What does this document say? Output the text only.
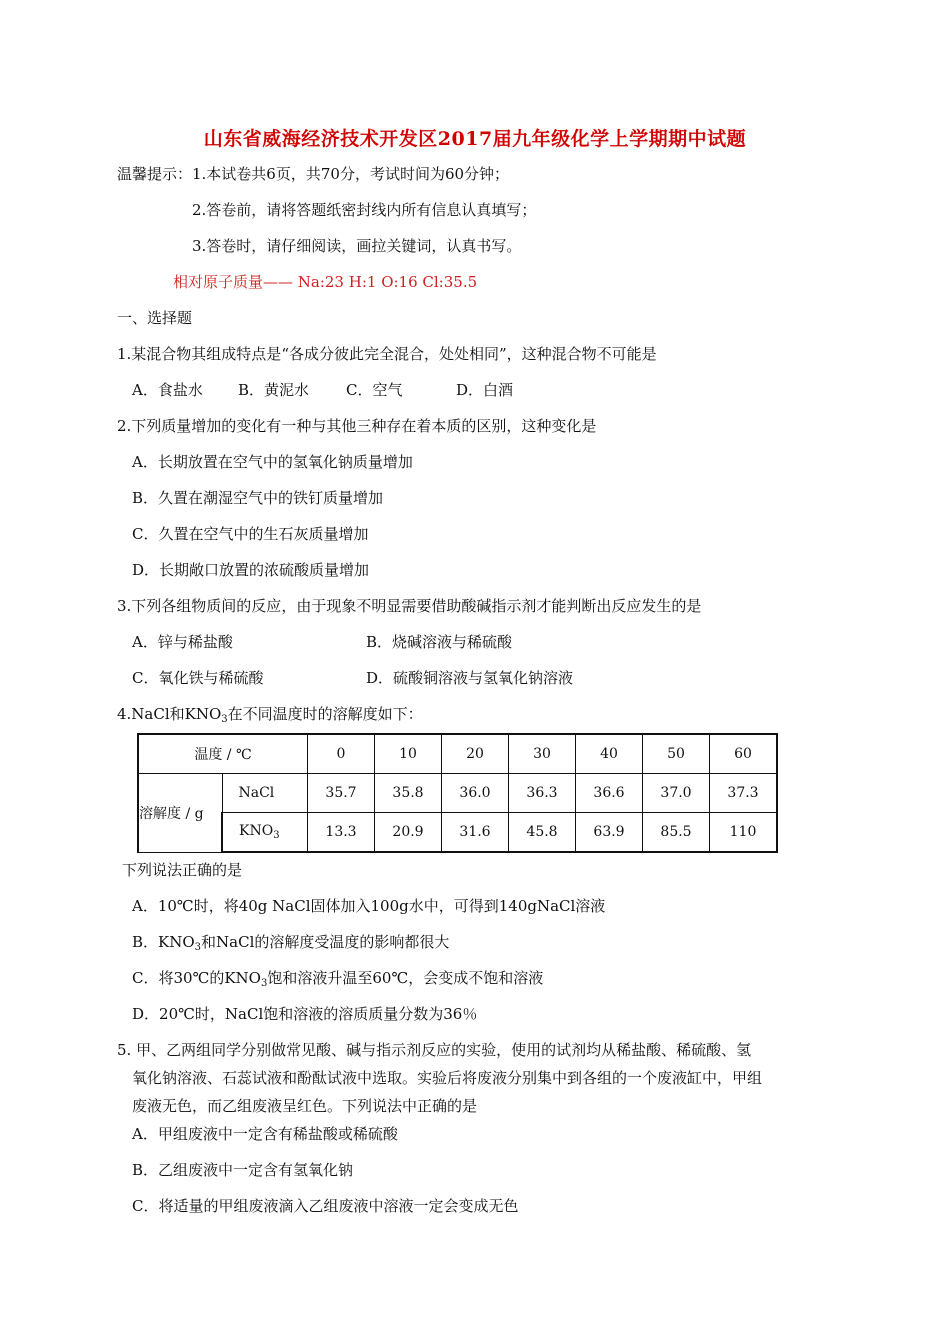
山东省威海经济技术开发区2017届九年级化学上学期期中试题
温馨提示：1.本试卷共6页，共70分，考试时间为60分钟；
2.答卷前，请将答题纸密封线内所有信息认真填写；
3.答卷时，请仔细阅读，画拉关键词，认真书写。
相对原子质量—— Na:23 H:1 O:16 Cl:35.5
一、选择题
1.某混合物其组成特点是“各成分彼此完全混合，处处相同”，这种混合物不可能是
A．食盐水 B．黄泥水 C．空气	D．白酒
2.下列质量增加的变化有一种与其他三种存在着本质的区别，这种变化是
A．长期放置在空气中的氢氧化钠质量增加
B．久置在潮湿空气中的铁钉质量增加
C．久置在空气中的生石灰质量增加
D．长期敞口放置的浓硫酸质量增加
3.下列各组物质间的反应，由于现象不明显需要借助酸碱指示剂才能判断出反应发生的是
A．锌与稀盐酸	B．烧碱溶液与稀硫酸
C．氧化铁与稀硫酸	D．硫酸铜溶液与氢氧化钠溶液
4.NaCl和$KNO_3$在不同温度时的溶解度如下：
温度 / ℃		0	10	20	30	40	50	60
溶解度 / g	NaCl	35.7	35.8	36.0	36.3	36.6	37.0	37.3
	$KNO_3$	13.3	20.9	31.6	45.8	63.9	85.5	110
下列说法正确的是
A．10℃时，将40g NaCl固体加入100g水中，可得到140gNaCl溶液
B．$KNO_3$和NaCl的溶解度受温度的影响都很大
C．将30℃的$KNO_3$饱和溶液升温至60℃，会变成不饱和溶液
D．20℃时，NaCl饱和溶液的溶质质量分数为36％
5. 甲、乙两组同学分别做常见酸、碱与指示剂反应的实验，使用的试剂均从稀盐酸、稀硫酸、氢
氧化钠溶液、石蕊试液和酚酞试液中选取。实验后将废液分别集中到各组的一个废液缸中，甲组
废液无色，而乙组废液呈红色。下列说法中正确的是
A．甲组废液中一定含有稀盐酸或稀硫酸
B．乙组废液中一定含有氢氧化钠
C．将适量的甲组废液滴入乙组废液中溶液一定会变成无色
